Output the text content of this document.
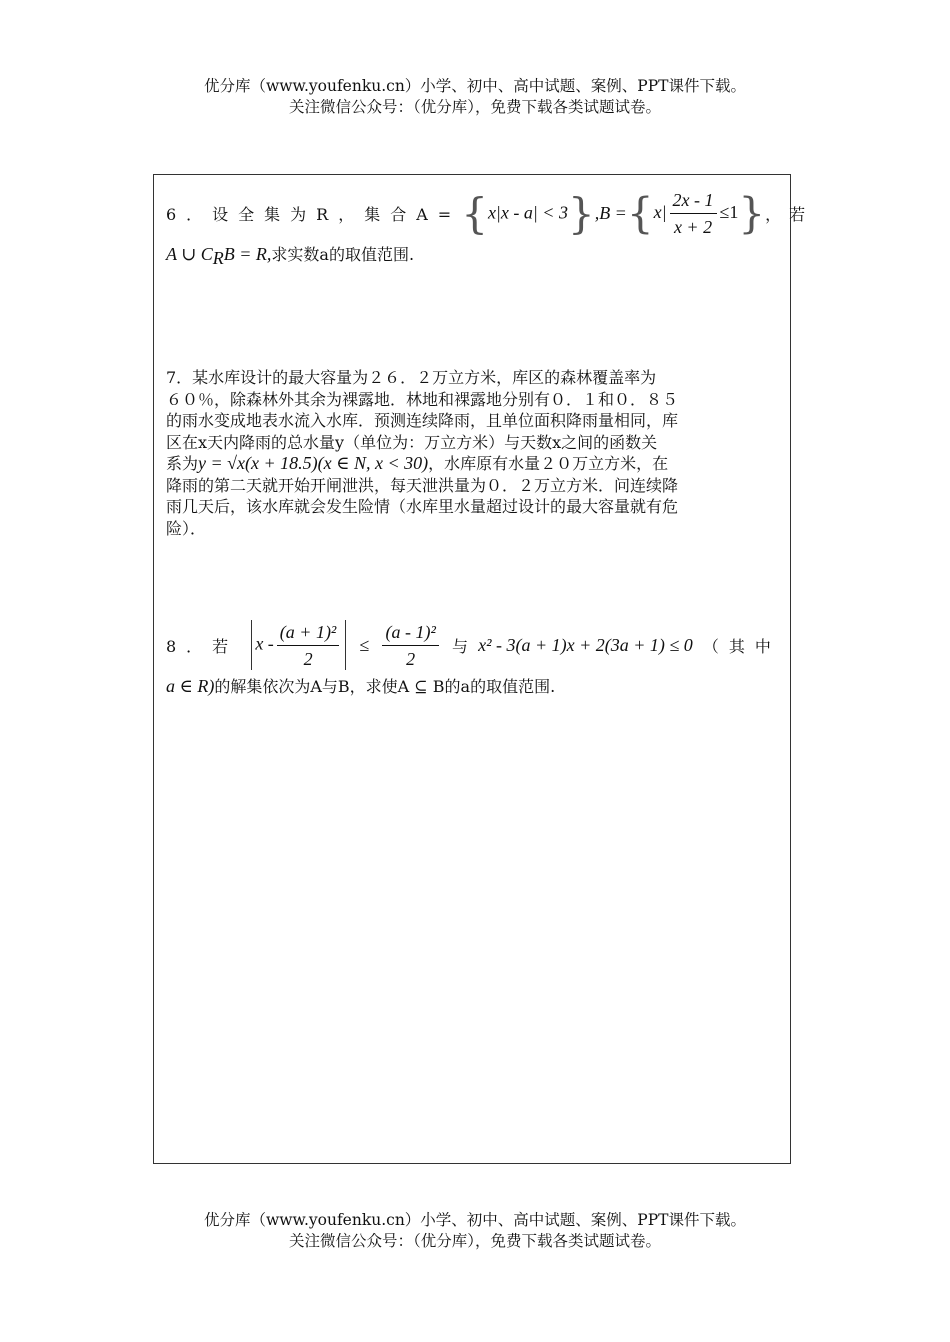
优分库（www.youfenku.cn）小学、初中、高中试题、案例、PPT课件下载。
关注微信公众号：（优分库），免费下载各类试题试卷。
6．设全集为R，集合A= {x|x - a| < 3} $,B = \{x| \frac{2x - 1}{x + 2} \le 1\}$ ，　若
A ∪ $C_RB = R$,求实数a的取值范围.

7．某水库设计的最大容量为２６．２万立方米，库区的森林覆盖率为

６０％，除森林外其余为裸露地．林地和裸露地分别有０．１和０．８５

的雨水变成地表水流入水库．预测连续降雨，且单位面积降雨量相同，库

区在x天内降雨的总水量y（单位为：万立方米）与天数x之间的函数关

系为y = √x(x + 18.5)(x ∈ N, x < 30)，水库原有水量２０万立方米，在

降雨的第二天就开始开闸泄洪，每天泄洪量为０．２万立方米．问连续降

雨几天后，该水库就会发生险情（水库里水量超过设计的最大容量就有危

险）．

8．若 $x - \frac{\text{(a + 1)²}}{2} \le \frac{\text{(a - 1)²}}{2}$ 与 x² - 3(a + 1)x + 2(3a + 1) ≤ 0 （其中
a ∈ R)的解集依次为A与B，求使A ⊆ B的a的取值范围.
优分库（www.youfenku.cn）小学、初中、高中试题、案例、PPT课件下载。
关注微信公众号：（优分库），免费下载各类试题试卷。
